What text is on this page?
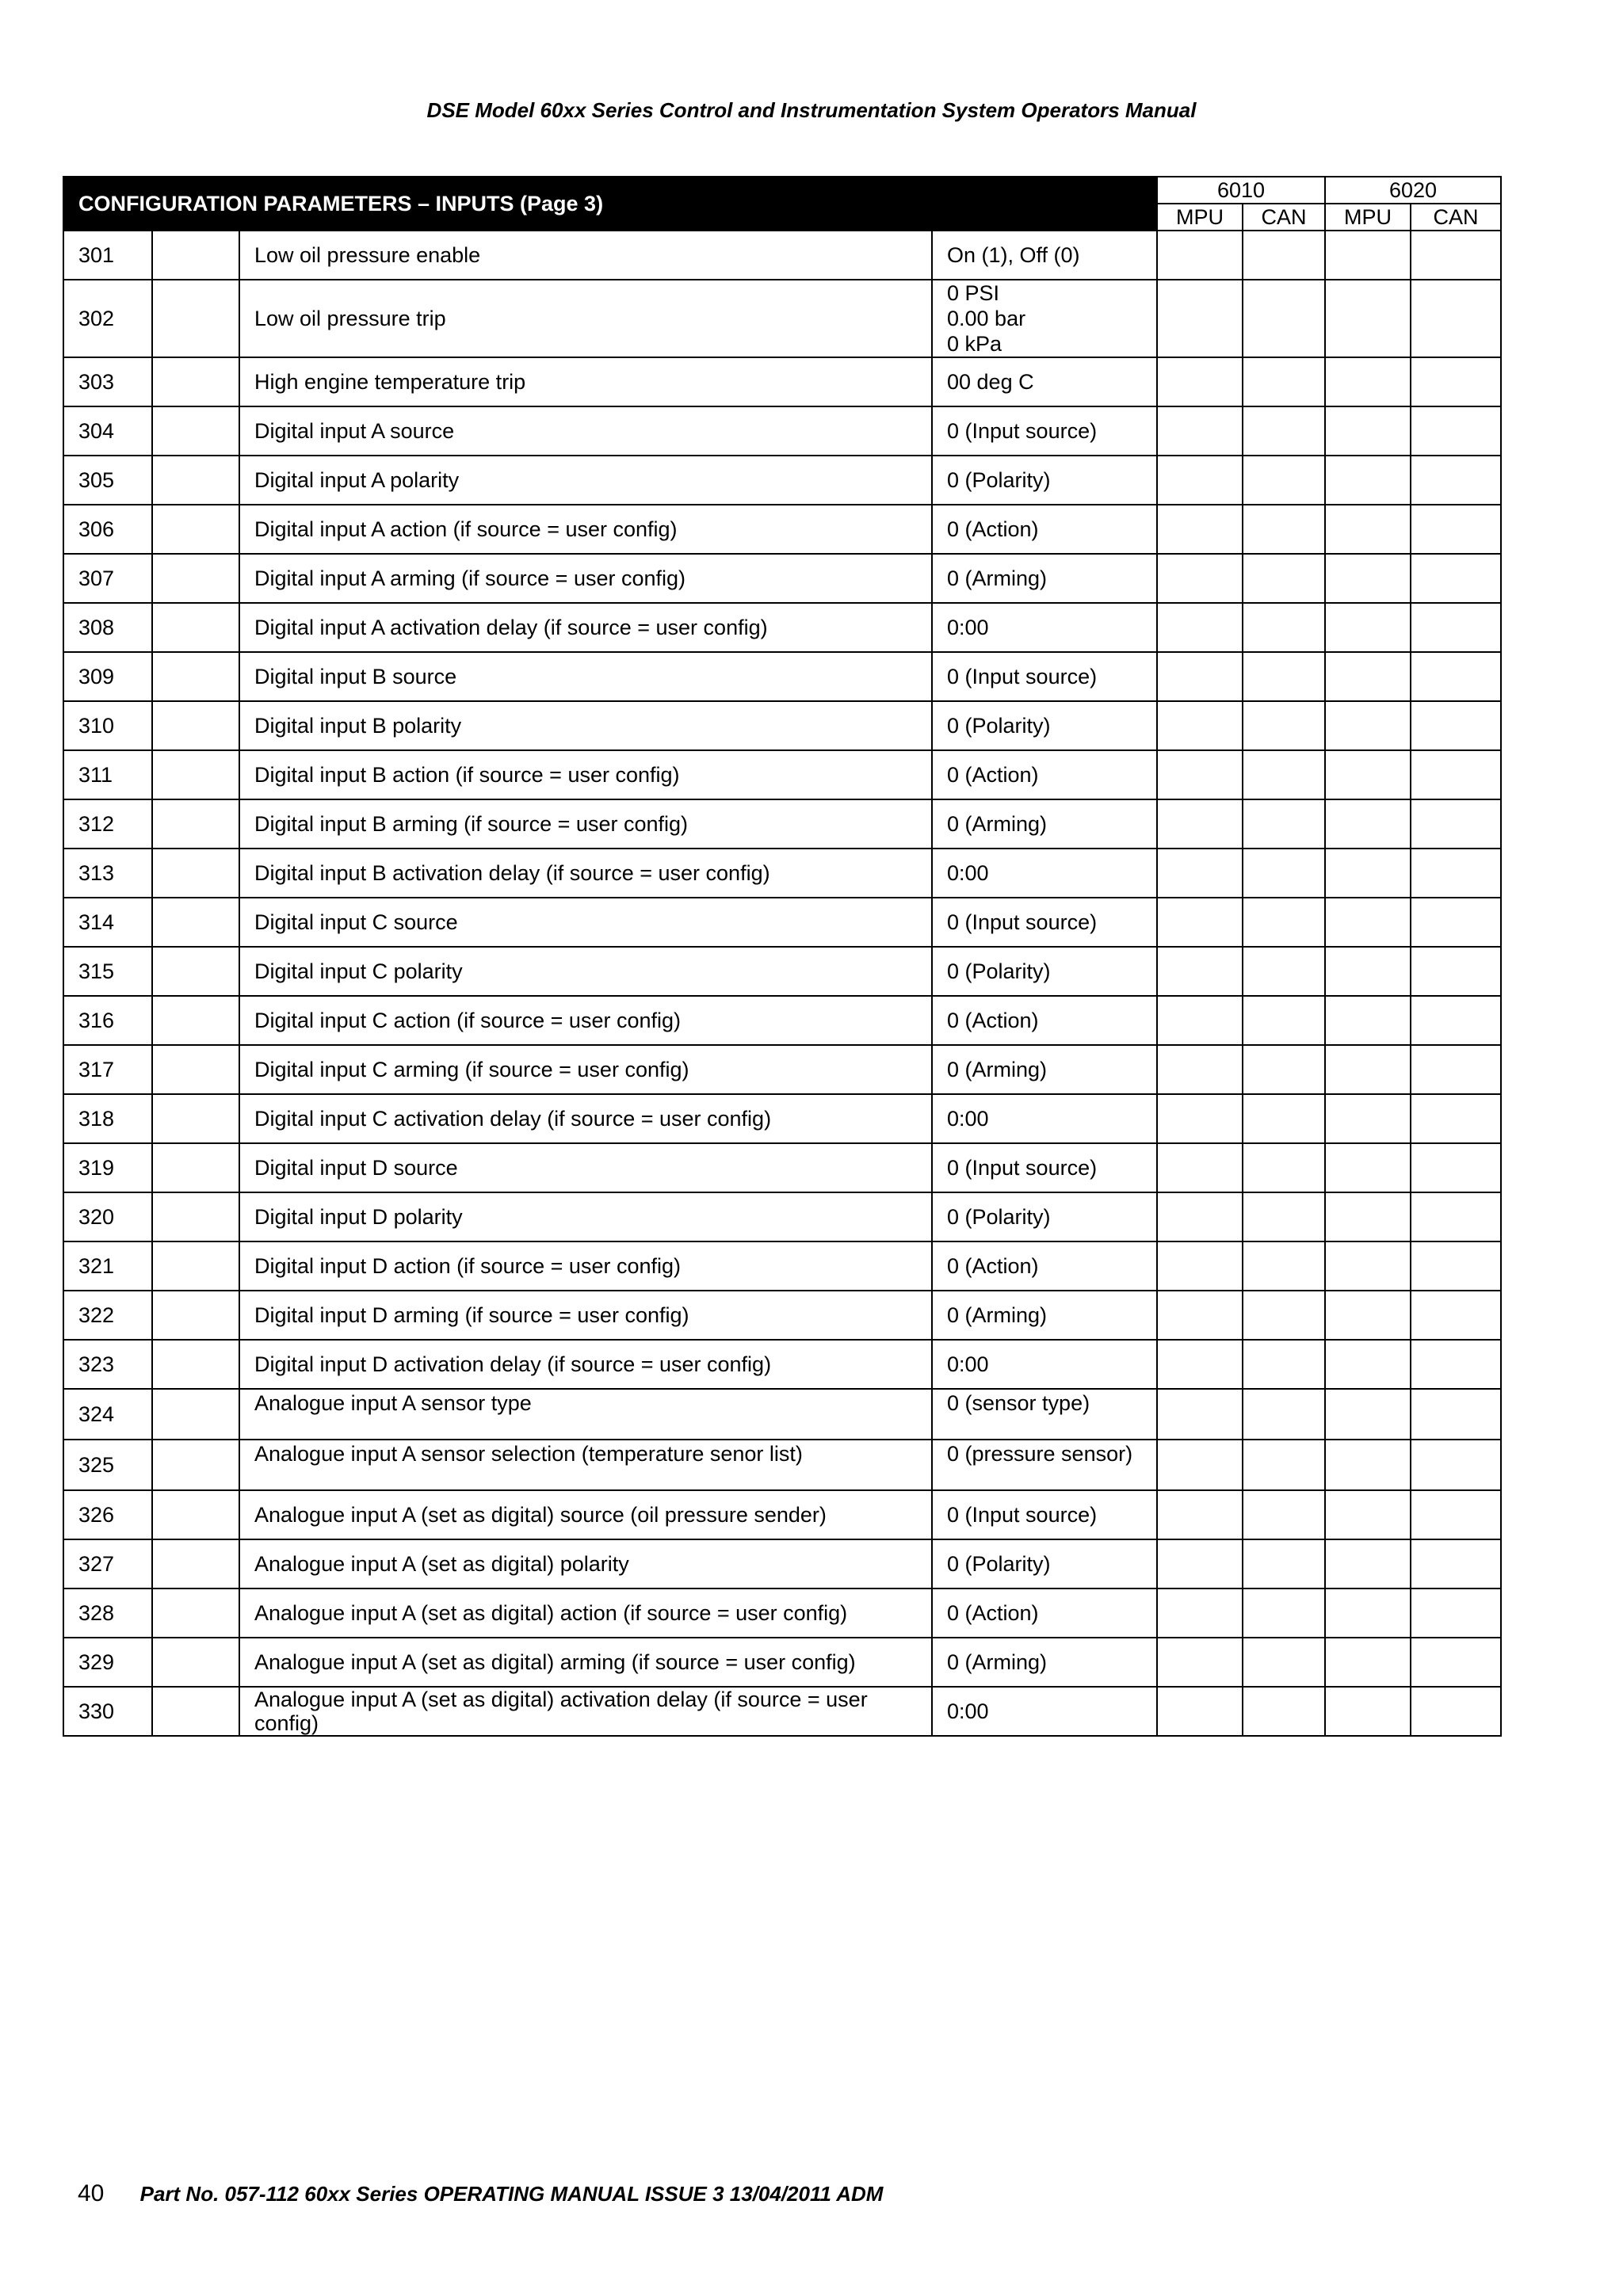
DSE Model 60xx Series Control and Instrumentation System Operators Manual
CONFIGURATION PARAMETERS – INPUTS (Page 3)				6010		6020	
				MPU	CAN	MPU	CAN
301		Low oil pressure enable	On (1), Off (0)				
302		Low oil pressure trip	0 PSI
0.00 bar
0 kPa				

303		High engine temperature trip	00 deg C				
304		Digital input A source	0 (Input source)				
305		Digital input A polarity	0 (Polarity)				
306		Digital input A action (if source = user config)	0 (Action)				
307		Digital input A arming (if source = user config)	0 (Arming)				
308		Digital input A activation delay (if source = user config)	0:00				
309		Digital input B source	0 (Input source)				
310		Digital input B polarity	0 (Polarity)				
311		Digital input B action (if source = user config)	0 (Action)				
312		Digital input B arming (if source = user config)	0 (Arming)				
313		Digital input B activation delay (if source = user config)	0:00				
314		Digital input C source	0 (Input source)				
315		Digital input C polarity	0 (Polarity)				
316		Digital input C action (if source = user config)	0 (Action)				
317		Digital input C arming (if source = user config)	0 (Arming)				
318		Digital input C activation delay (if source = user config)	0:00				
319		Digital input D source	0 (Input source)				
320		Digital input D polarity	0 (Polarity)				
321		Digital input D action (if source = user config)	0 (Action)				
322		Digital input D arming (if source = user config)	0 (Arming)				
323		Digital input D activation delay (if source = user config)	0:00				
324		Analogue input A sensor type	0 (sensor type)				
325		Analogue input A sensor selection (temperature senor list)	0 (pressure sensor)				
326		Analogue input A (set as digital) source (oil pressure sender)	0 (Input source)				
327		Analogue input A (set as digital) polarity	0 (Polarity)				
328		Analogue input A (set as digital) action (if source = user config)	0 (Action)				
329		Analogue input A (set as digital) arming (if source = user config)	0 (Arming)				
330		Analogue input A (set as digital) activation delay (if source = user config)	0:00				
40 Part No. 057-112 60xx Series OPERATING MANUAL ISSUE 3 13/04/2011 ADM
